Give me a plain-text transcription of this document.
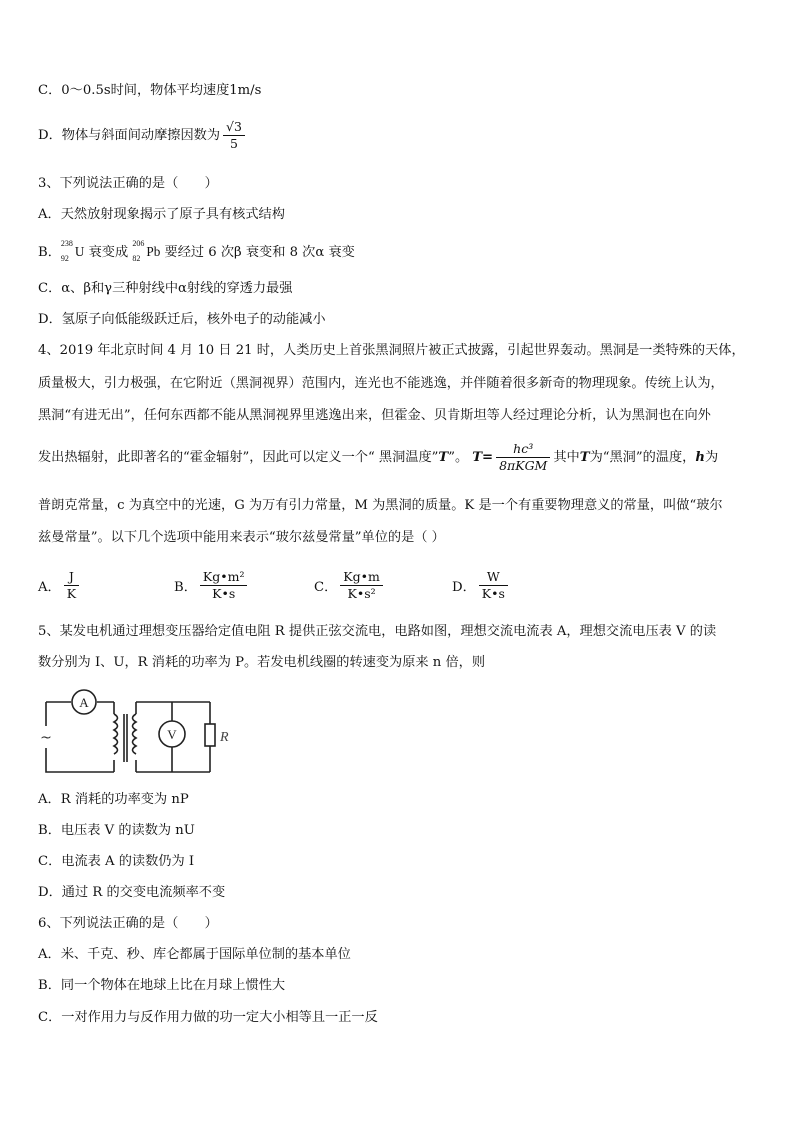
C．0～0.5s时间，物体平均速度1m/s
D．物体与斜面间动摩擦因数为 $\frac{√3}{5}$
3、下列说法正确的是（　　）
A．天然放射现象揭示了原子具有核式结构
B．
238
92 U 衰变成
206
82 Pb 要经过 6 次β 衰变和 8 次α 衰变
C．α、β和γ三种射线中α射线的穿透力最强
D．氢原子向低能级跃迁后，核外电子的动能减小
4、2019 年北京时间 4 月 10 日 21 时，人类历史上首张黑洞照片被正式披露，引起世界轰动。黑洞是一类特殊的天体，
质量极大，引力极强，在它附近（黑洞视界）范围内，连光也不能逃逸，并伴随着很多新奇的物理现象。传统上认为，
黑洞“有进无出”，任何东西都不能从黑洞视界里逃逸出来，但霍金、贝肯斯坦等人经过理论分析，认为黑洞也在向外
发出热辐射，此即著名的“霍金辐射”，因此可以定义一个“ 黑洞温度” T ”。 $T= \frac{\text{hc³}}{\text{8πKGM}}$ 其中 T 为“黑洞”的温度， h 为
普朗克常量，c 为真空中的光速，G 为万有引力常量，M 为黑洞的质量。K 是一个有重要物理意义的常量，叫做“玻尔
兹曼常量”。以下几个选项中能用来表示“玻尔兹曼常量”单位的是（ ）
A． $\frac{J}{K}$	B． $\frac{\text{Kg•m²}}{K•s}$	C． $\frac{Kg•m}{\text{K•s²}}$	D． $\frac{W}{K•s}$
5、某发电机通过理想变压器给定值电阻 R 提供正弦交流电，电路如图，理想交流电流表 A，理想交流电压表 V 的读
数分别为 I、U，R 消耗的功率为 P。若发电机线圈的转速变为原来 n 倍，则
A
V	R
~
A．R 消耗的功率变为 nP
B．电压表 V 的读数为 nU
C．电流表 A 的读数仍为 I
D．通过 R 的交变电流频率不变
6、下列说法正确的是（　　）
A．米、千克、秒、库仑都属于国际单位制的基本单位
B．同一个物体在地球上比在月球上惯性大
C．一对作用力与反作用力做的功一定大小相等且一正一反
